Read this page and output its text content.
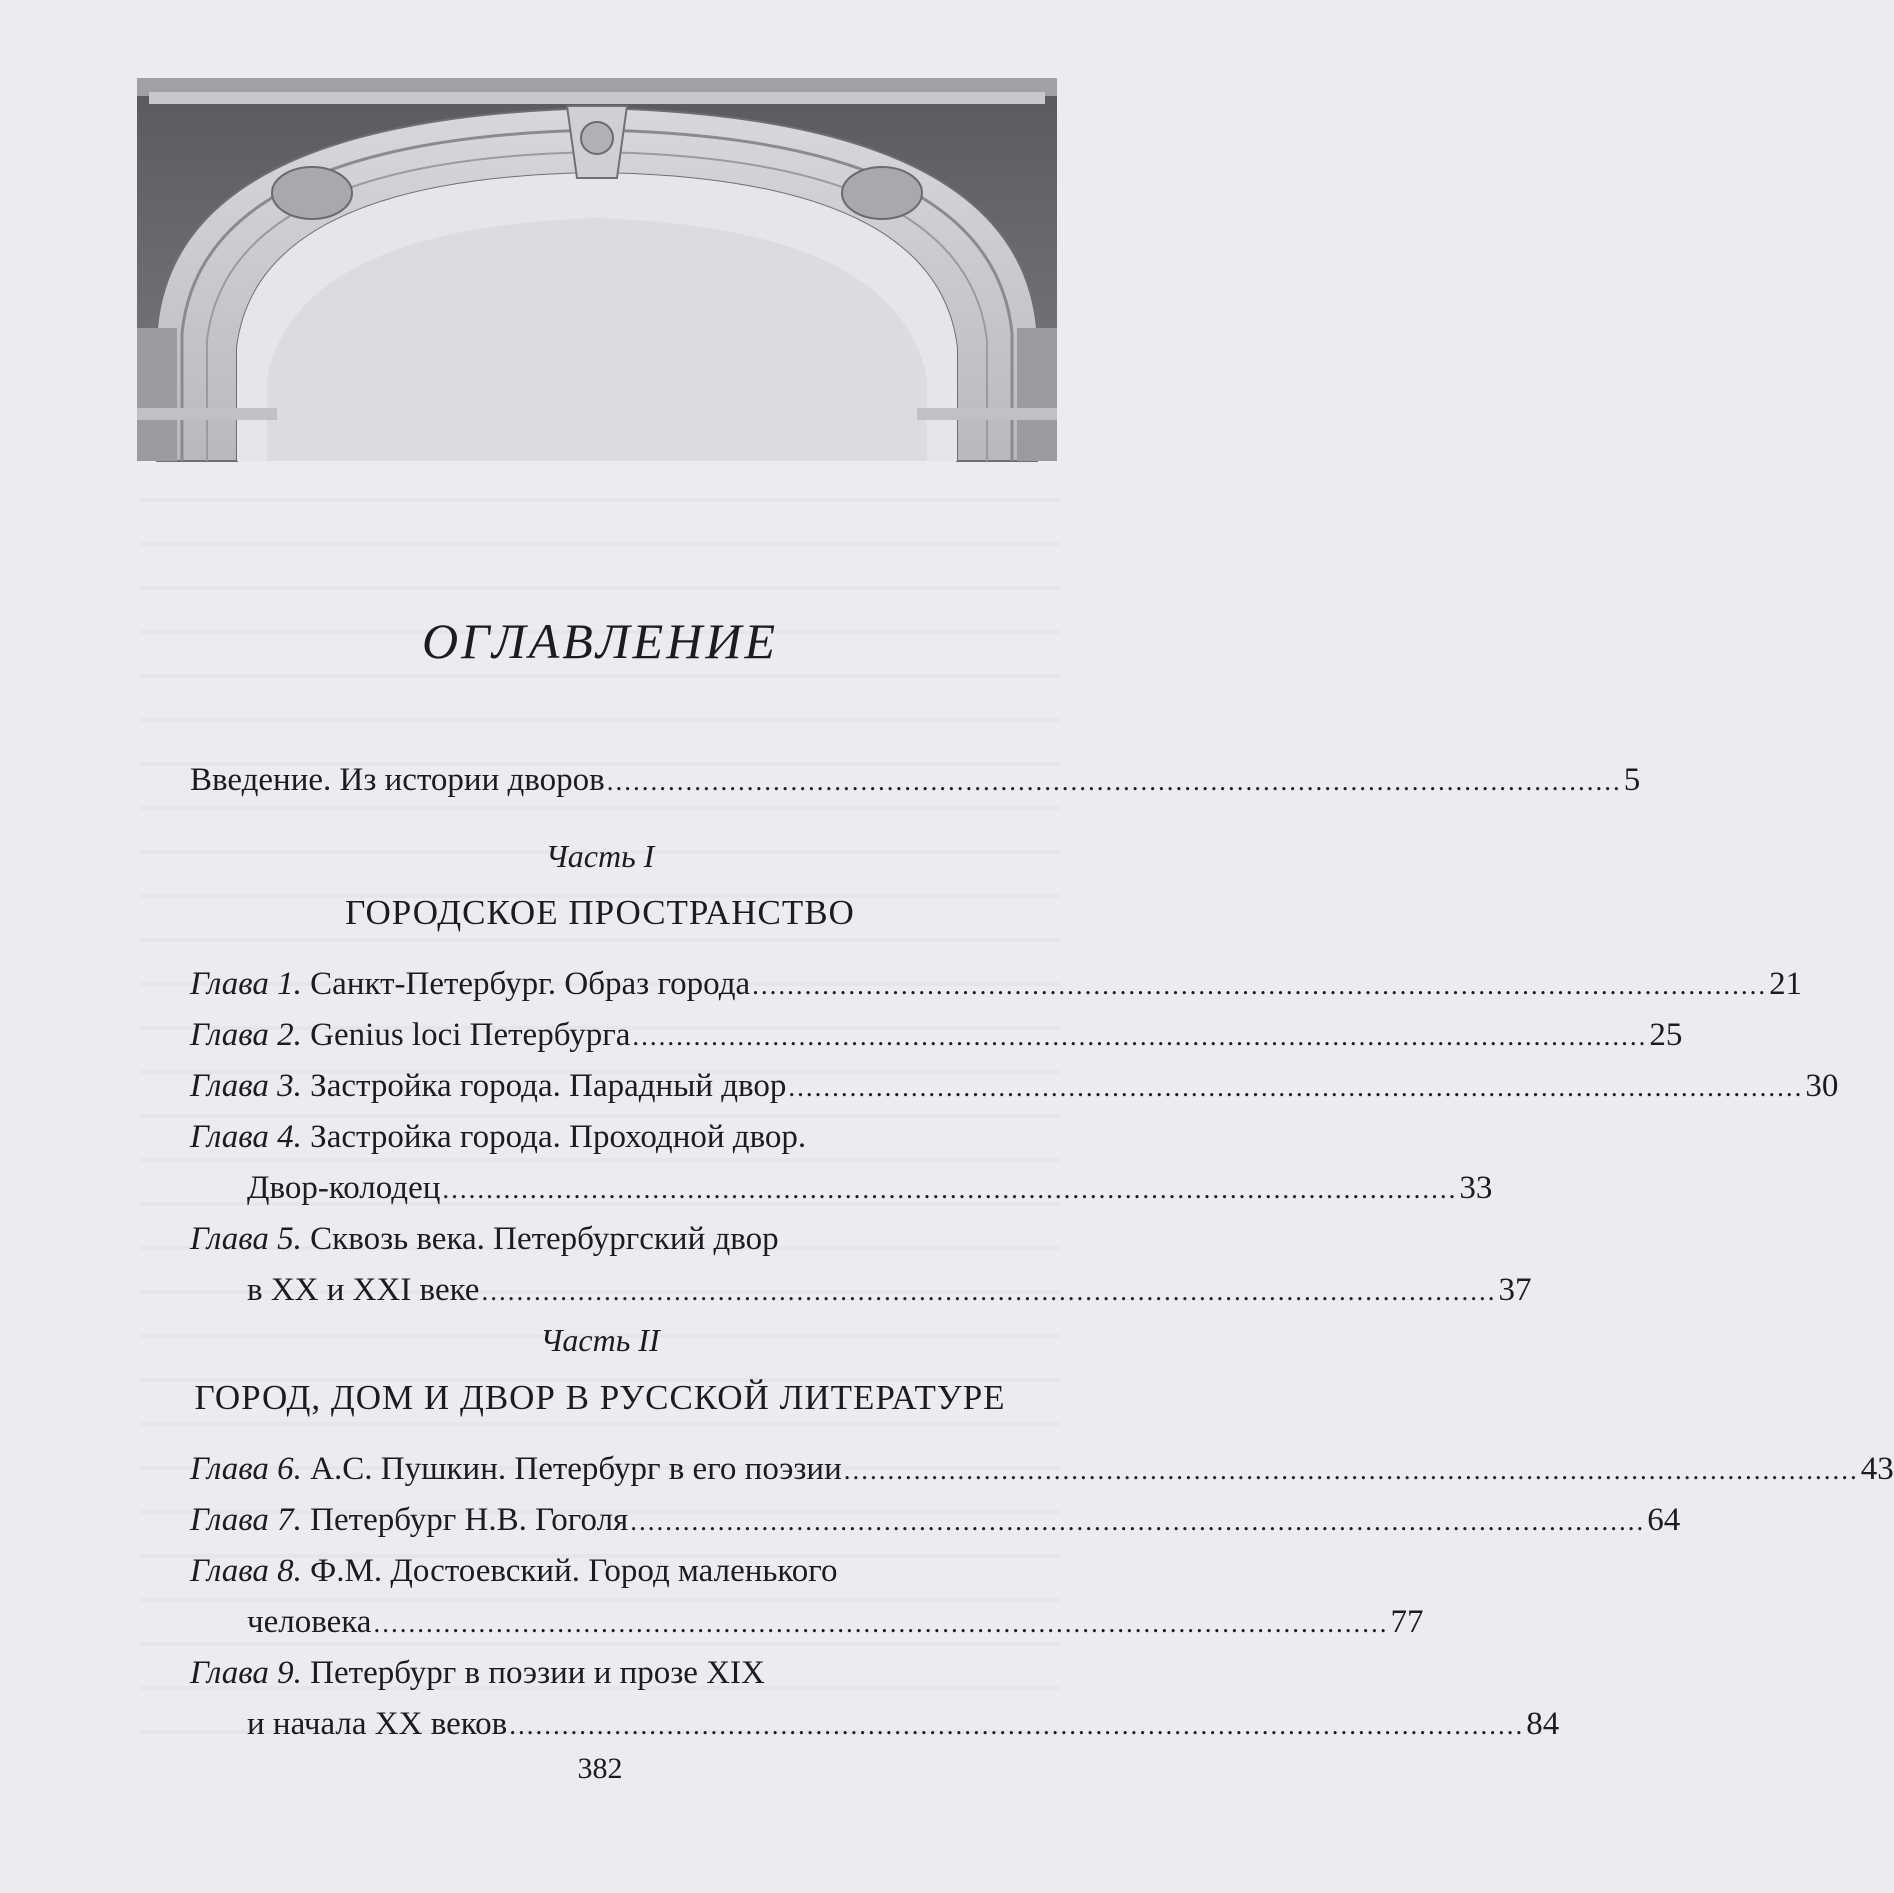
ОГЛАВЛЕНИЕ
Введение. Из истории дворов .................................................................................................................... 5
Часть I
ГОРОДСКОЕ ПРОСТРАНСТВО
Глава 1. Санкт-Петербург. Образ города .................................................................................................................... 21
Глава 2. Genius loci Петербурга .................................................................................................................... 25
Глава 3. Застройка города. Парадный двор .................................................................................................................... 30
Глава 4. Застройка города. Проходной двор.
Двор-колодец .................................................................................................................... 33
Глава 5. Сквозь века. Петербургский двор
в XX и XXI веке .................................................................................................................... 37
Часть II
ГОРОД, ДОМ И ДВОР В РУССКОЙ ЛИТЕРАТУРЕ
Глава 6. А.С. Пушкин. Петербург в его поэзии .................................................................................................................... 43
Глава 7. Петербург Н.В. Гоголя .................................................................................................................... 64
Глава 8. Ф.М. Достоевский. Город маленького
человека .................................................................................................................... 77
Глава 9. Петербург в поэзии и прозе XIX
и начала XX веков .................................................................................................................... 84
382
